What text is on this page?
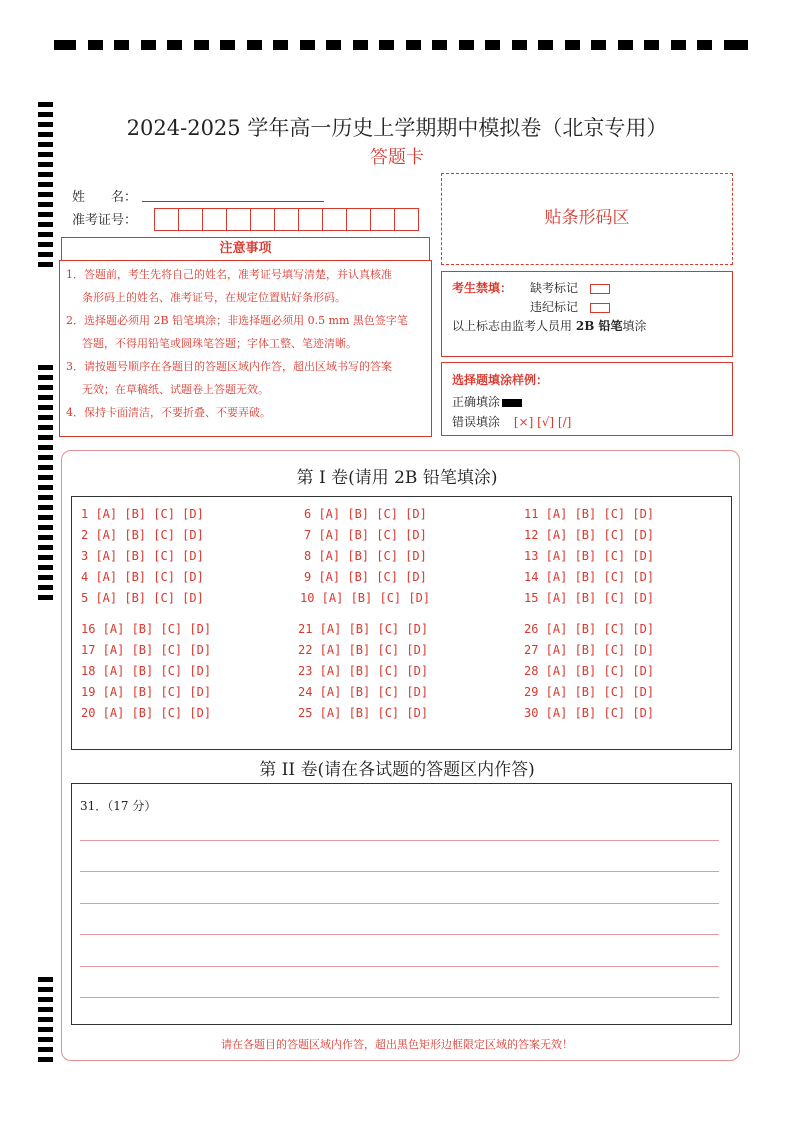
2024-2025 学年高一历史上学期期中模拟卷（北京专用）
答题卡
姓　　名：
准考证号：
注意事项

1．答题前，考生先将自己的姓名，准考证号填写清楚，并认真核准

条形码上的姓名、准考证号，在规定位置贴好条形码。

2．选择题必须用 2B 铅笔填涂；非选择题必须用 0.5 mm 黑色签字笔

答题，不得用铅笔或圆珠笔答题；字体工整、笔迹清晰。

3．请按题号顺序在各题目的答题区域内作答，超出区域书写的答案

无效；在草稿纸、试题卷上答题无效。

4．保持卡面清洁，不要折叠、不要弄破。

贴条形码区
考生禁填： 缺考标记
违纪标记
以上标志由监考人员用 2B 铅笔填涂
选择题填涂样例：
正确填涂
错误填涂 [×] [√] [/]
第 I 卷(请用 2B 铅笔填涂)
1 [A] [B] [C] [D]
2 [A] [B] [C] [D]
3 [A] [B] [C] [D]
4 [A] [B] [C] [D]
5 [A] [B] [C] [D]
6 [A] [B] [C] [D]
7 [A] [B] [C] [D]
8 [A] [B] [C] [D]
9 [A] [B] [C] [D]
10 [A] [B] [C] [D]
11 [A] [B] [C] [D]
12 [A] [B] [C] [D]
13 [A] [B] [C] [D]
14 [A] [B] [C] [D]
15 [A] [B] [C] [D]
16 [A] [B] [C] [D]
17 [A] [B] [C] [D]
18 [A] [B] [C] [D]
19 [A] [B] [C] [D]
20 [A] [B] [C] [D]
21 [A] [B] [C] [D]
22 [A] [B] [C] [D]
23 [A] [B] [C] [D]
24 [A] [B] [C] [D]
25 [A] [B] [C] [D]
26 [A] [B] [C] [D]
27 [A] [B] [C] [D]
28 [A] [B] [C] [D]
29 [A] [B] [C] [D]
30 [A] [B] [C] [D]
第 II 卷(请在各试题的答题区内作答)
31．（17 分）
请在各题目的答题区域内作答，超出黑色矩形边框限定区域的答案无效！
